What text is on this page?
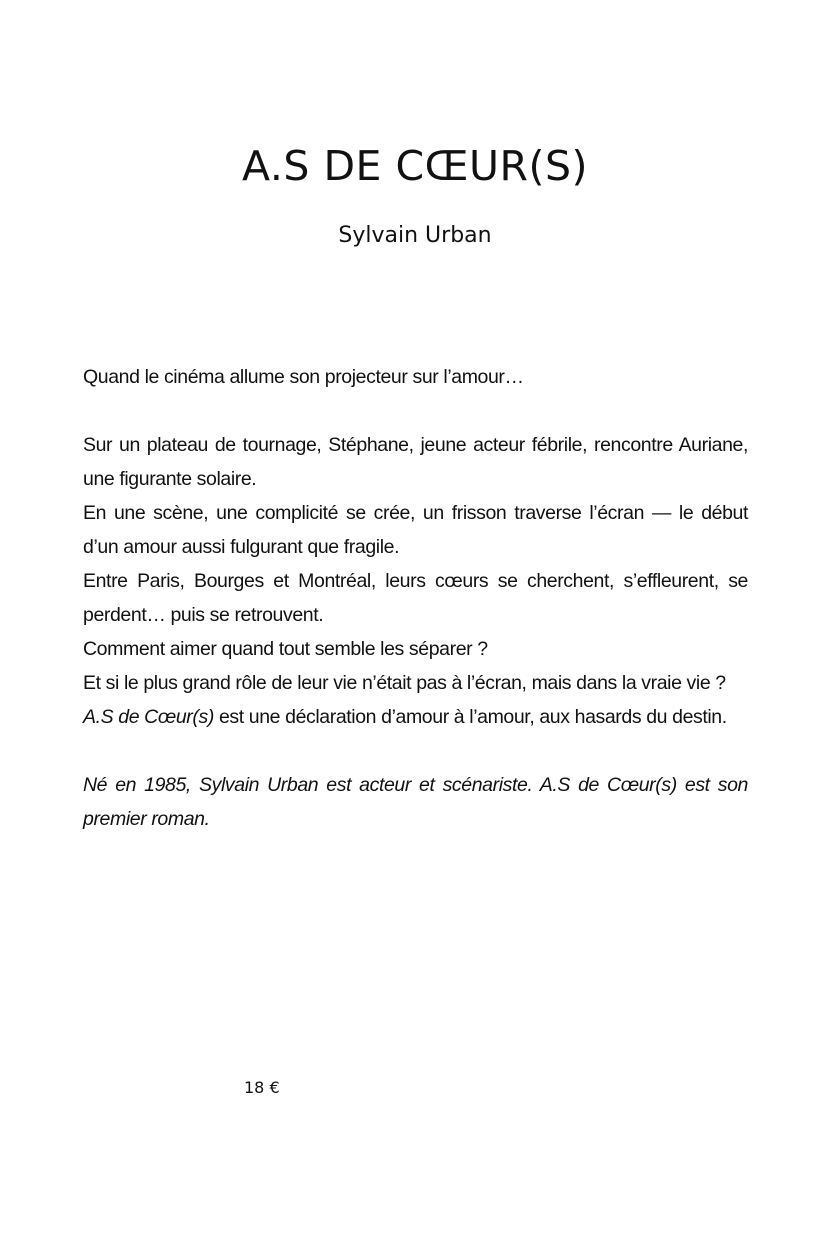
A.S DE CŒUR(S)
Sylvain Urban

Quand le cinéma allume son projecteur sur l’amour…

Sur un plateau de tournage, Stéphane, jeune acteur fébrile, rencontre Auriane, une figurante solaire.

En une scène, une complicité se crée, un frisson traverse l’écran — le début d’un amour aussi fulgurant que fragile.

Entre Paris, Bourges et Montréal, leurs cœurs se cherchent, s’effleurent, se perdent… puis se retrouvent.

Comment aimer quand tout semble les séparer ?

Et si le plus grand rôle de leur vie n’était pas à l’écran, mais dans la vraie vie ?

A.S de Cœur(s) est une déclaration d’amour à l’amour, aux hasards du destin.

Né en 1985, Sylvain Urban est acteur et scénariste. A.S de Cœur(s) est son premier roman.

18 €
